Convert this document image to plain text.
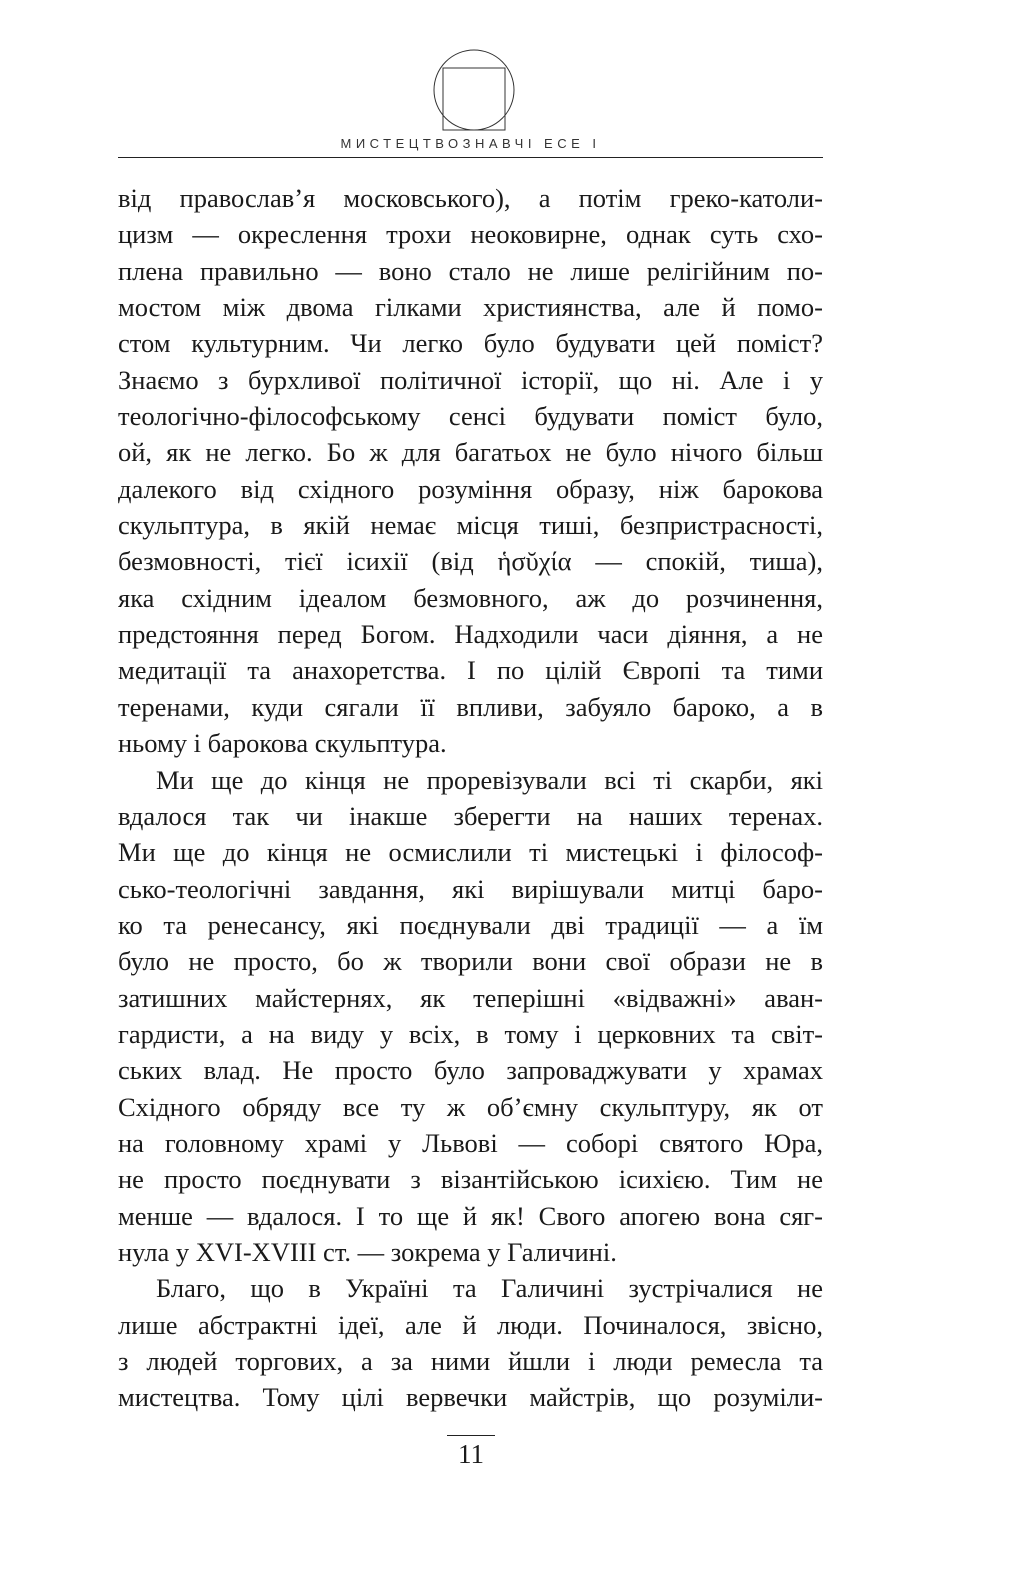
МИСТЕЦТВОЗНАВЧІ ЕСЕ І
від православ’я московського), а потім греко-католи-
цизм — окреслення трохи неоковирне, однак суть схо-
плена правильно — воно стало не лише релігійним по-
мостом між двома гілками християнства, але й помо-
стом культурним. Чи легко було будувати цей поміст?
Знаємо з бурхливої політичної історії, що ні. Але і у
теологічно-філософському сенсі будувати поміст було,
ой, як не легко. Бо ж для багатьох не було нічого більш
далекого від східного розуміння образу, ніж барокова
скульптура, в якій немає місця тиші, безпристрасності,
безмовності, тієї ісихії (від ἡσῠχία — спокій, тиша),
яка східним ідеалом безмовного, аж до розчинення,
предстояння перед Богом. Надходили часи діяння, а не
медитації та анахоретства. І по цілій Європі та тими
теренами, куди сягали її впливи, забуяло бароко, а в
ньому і барокова скульптура.
Ми ще до кінця не проревізували всі ті скарби, які
вдалося так чи інакше зберегти на наших теренах.
Ми ще до кінця не осмислили ті мистецькі і філософ-
сько-теологічні завдання, які вирішували митці баро-
ко та ренесансу, які поєднували дві традиції — а їм
було не просто, бо ж творили вони свої образи не в
затишних майстернях, як теперішні «відважні» аван-
гардисти, а на виду у всіх, в тому і церковних та світ-
ських влад. Не просто було запроваджувати у храмах
Східного обряду все ту ж об’ємну скульптуру, як от
на головному храмі у Львові — соборі святого Юра,
не просто поєднувати з візантійською ісихією. Тим не
менше — вдалося. І то ще й як! Свого апогею вона сяг-
нула у XVI-XVIII ст. — зокрема у Галичині.
Благо, що в Україні та Галичині зустрічалися не
лише абстрактні ідеї, але й люди. Починалося, звісно,
з людей торгових, а за ними йшли і люди ремесла та
мистецтва. Тому цілі вервечки майстрів, що розуміли-
11
